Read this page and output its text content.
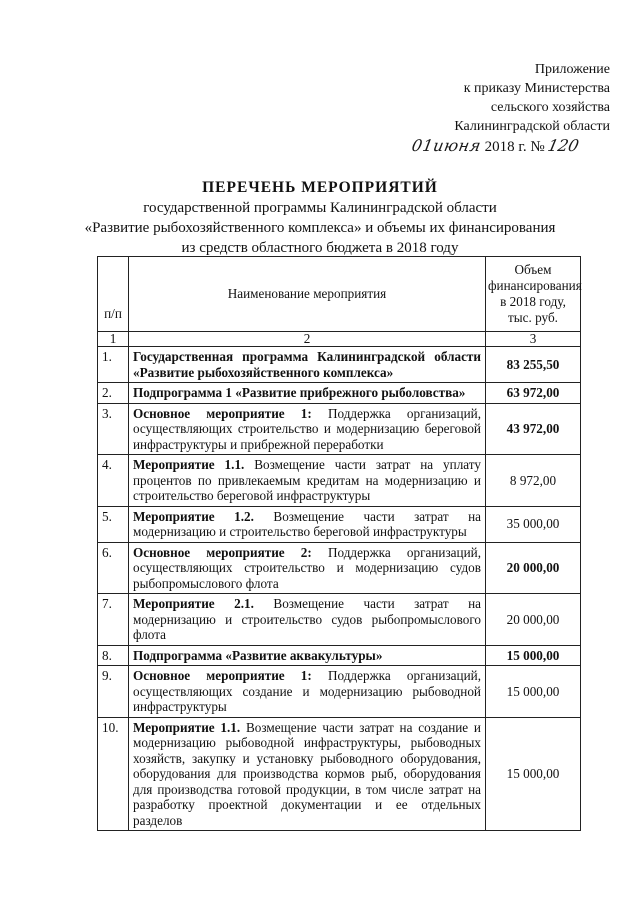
Приложение
к приказу Министерства
сельского хозяйства
Калининградской области
01июня 2018 г. № 120
ПЕРЕЧЕНЬ МЕРОПРИЯТИЙ
государственной программы Калининградской области
«Развитие рыбохозяйственного комплекса» и объемы их финансирования
из средств областного бюджета в 2018 году
п/п	Наименование мероприятия	Объем финансирования в 2018 году, тыс. руб.
1	2	3
1.	Государственная программа Калининградской области «Развитие рыбохозяйственного комплекса»	83 255,50
2.	Подпрограмма 1 «Развитие прибрежного рыболовства»	63 972,00
3.	Основное мероприятие 1: Поддержка организаций, осуществляющих строительство и модернизацию береговой инфраструктуры и прибрежной переработки	43 972,00
4.	Мероприятие 1.1. Возмещение части затрат на уплату процентов по привлекаемым кредитам на модернизацию и строительство береговой инфраструктуры	8 972,00
5.	Мероприятие 1.2. Возмещение части затрат на модернизацию и строительство береговой инфраструктуры	35 000,00
6.	Основное мероприятие 2: Поддержка организаций, осуществляющих строительство и модернизацию судов рыбопромыслового флота	20 000,00
7.	Мероприятие 2.1. Возмещение части затрат на модернизацию и строительство судов рыбопромыслового флота	20 000,00
8.	Подпрограмма «Развитие аквакультуры»	15 000,00
9.	Основное мероприятие 1: Поддержка организаций, осуществляющих создание и модернизацию рыбоводной инфраструктуры	15 000,00
10.	Мероприятие 1.1. Возмещение части затрат на создание и модернизацию рыбоводной инфраструктуры, рыбоводных хозяйств, закупку и установку рыбоводного оборудования, оборудования для производства кормов рыб, оборудования для производства готовой продукции, в том числе затрат на разработку проектной документации и ее отдельных разделов	15 000,00
